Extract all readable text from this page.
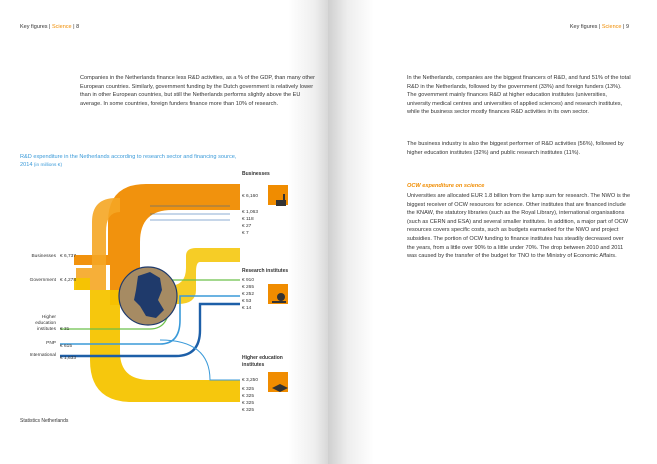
Key figures | Science | 8

Companies in the Netherlands finance less R&D activities, as a % of the GDP, than many other European countries. Similarly, government funding by the Dutch government is relatively lower than in other European countries, but still the Netherlands performs slightly above the EU average. In some countries, foreign funders finance more than 10% of research.

R&D expenditure in the Netherlands according to research sector and financing source,
2014 (in millions €)
Businesses € 6,737
Government € 4,278
Higher
education
institutes € 31
PNP
€ 615
International
€ 1,633
Businesses
€ 6,160
€ 1,063
€ 118
€ 27
€ 7
Research institutes
€ 910
€ 265
€ 252
€ 53
€ 14
Higher education
institutes
€ 3,250
€ 325
€ 325
€ 325
€ 325
Statistics Netherlands
Key figures | Science | 9

In the Netherlands, companies are the biggest financers of R&D, and fund 51% of the total R&D in the Netherlands, followed by the government (33%) and foreign funders (13%). The government mainly finances R&D at higher education institutes (universities, university medical centres and universities of applied sciences) and research institutes, while the business sector mostly finances R&D activities in its own sector.

The business industry is also the biggest performer of R&D activities (56%), followed by higher education institutes (32%) and public research institutes (11%).

OCW expenditure on science

Universities are allocated EUR 1.8 billion from the lump sum for research. The NWO is the biggest receiver of OCW resources for science. Other institutes that are financed include the KNAW, the statutory libraries (such as the Royal Library), international organisations (such as CERN and ESA) and several smaller institutes. In addition, a major part of OCW resources covers specific costs, such as budgets earmarked for the NWO and project subsidies. The portion of OCW funding to finance institutes has steadily decreased over the years, from a little over 90% to a little under 70%. The drop between 2010 and 2011 was caused by the transfer of the budget for TNO to the Ministry of Economic Affairs.
